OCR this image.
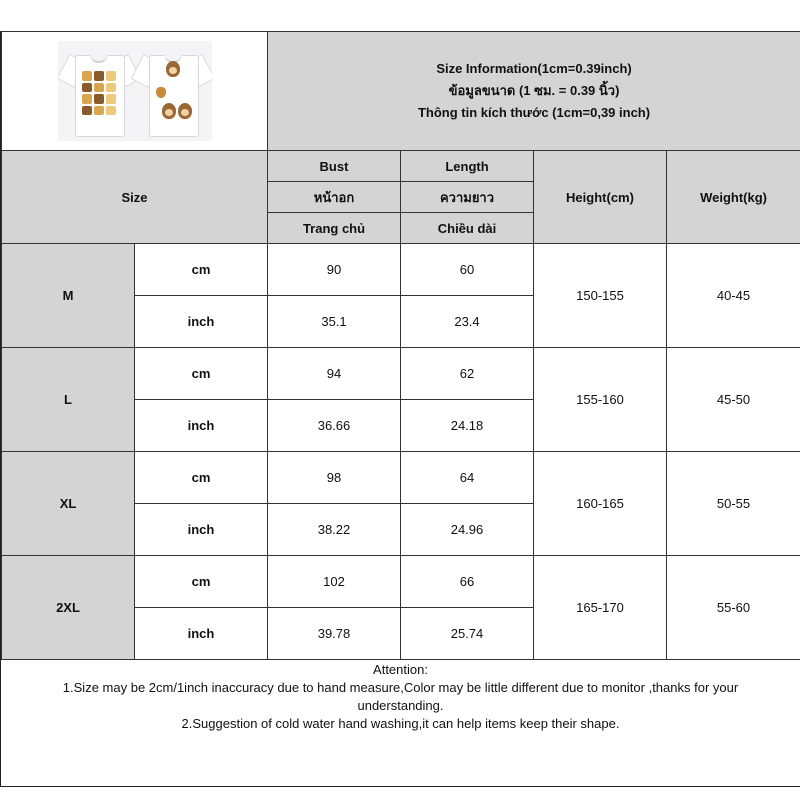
		Size Information(1cm=0.39inch)
ข้อมูลขนาด (1 ซม. = 0.39 นิ้ว)
Thông tin kích thước (1cm=0,39 inch)			

Size		Bust	Length	Height(cm)	Weight(kg)
		หน้าอก	ความยาว		
		Trang chủ	Chiều dài		
M	cm	90	60	150-155	40-45
	inch	35.1	23.4		
L	cm	94	62	155-160	45-50
	inch	36.66	24.18		
XL	cm	98	64	160-165	50-55
	inch	38.22	24.96		
2XL	cm	102	66	165-170	55-60
	inch	39.78	25.74		
Attention:
1.Size may be 2cm/1inch inaccuracy due to hand measure,Color may be little different due to monitor ,thanks for your understanding.
2.Suggestion of cold water hand washing,it can help items keep their shape.
